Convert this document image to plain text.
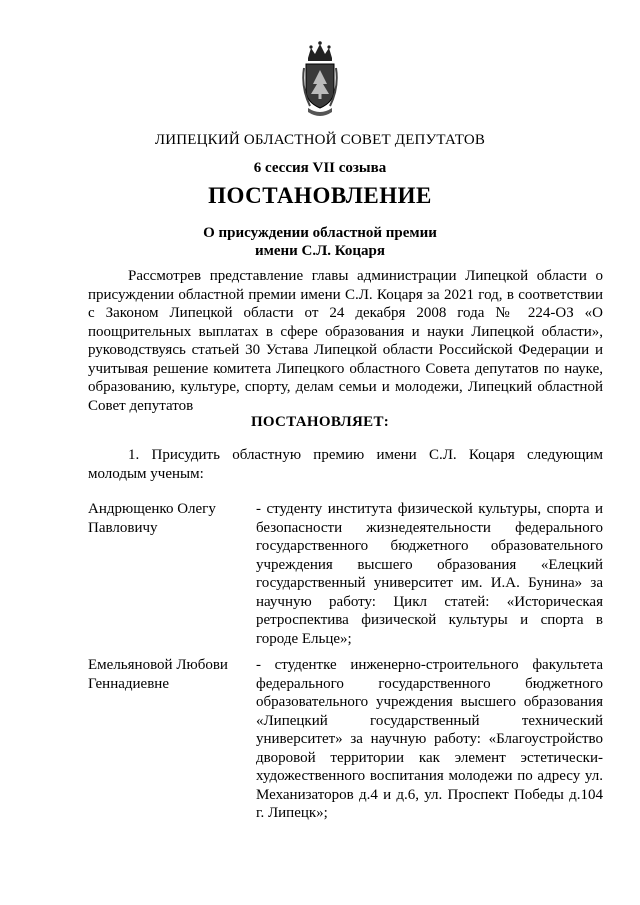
ЛИПЕЦКИЙ ОБЛАСТНОЙ СОВЕТ ДЕПУТАТОВ
6 сессия VII созыва
ПОСТАНОВЛЕНИЕ
О присуждении областной премии
имени С.Л. Коцаря

Рассмотрев представление главы администрации Липецкой области о присуждении областной премии имени С.Л. Коцаря за 2021 год, в соответствии с Законом Липецкой области от 24 декабря 2008 года № 224-ОЗ «О поощрительных выплатах в сфере образования и науки Липецкой области», руководствуясь статьей 30 Устава Липецкой области Российской Федерации и учитывая решение комитета Липецкого областного Совета депутатов по науке, образованию, культуре, спорту, делам семьи и молодежи, Липецкий областной Совет депутатов

ПОСТАНОВЛЯЕТ:
1. Присудить областную премию имени С.Л. Коцаря следующим молодым ученым:
Андрющенко Олегу Павловичу
- студенту института физической культуры, спорта и безопасности жизнедеятельности федерального государственного бюджетного образовательного учреждения высшего образования «Елецкий государственный университет им. И.А. Бунина» за научную работу: Цикл статей: «Историческая ретроспектива физической культуры и спорта в городе Ельце»;
Емельяновой Любови Геннадиевне
- студентке инженерно-строительного факультета федерального государственного бюджетного образовательного учреждения высшего образования «Липецкий государственный технический университет» за научную работу: «Благоустройство дворовой территории как элемент эстетически-художественного воспитания молодежи по адресу ул. Механизаторов д.4 и д.6, ул. Проспект Победы д.104 г. Липецк»;
